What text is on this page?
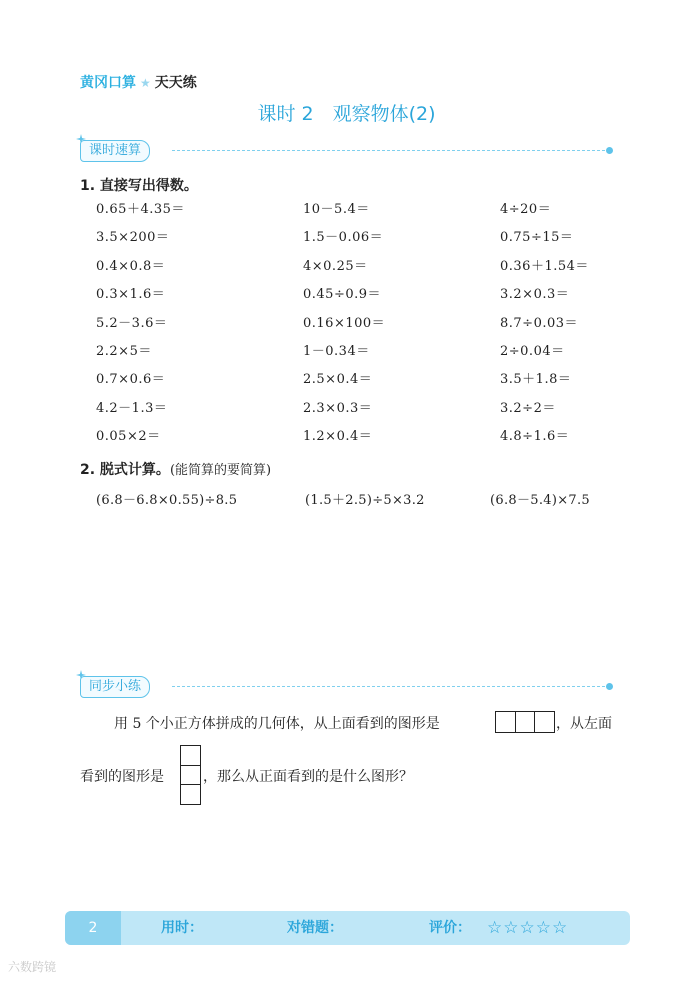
黄冈口算 ★ 天天练
课时 2　观察物体(2)
课时速算
1. 直接写出得数。
0.65＋4.35＝	10－5.4＝	4÷20＝
3.5×200＝	1.5－0.06＝	0.75÷15＝
0.4×0.8＝	4×0.25＝	0.36＋1.54＝
0.3×1.6＝	0.45÷0.9＝	3.2×0.3＝
5.2－3.6＝	0.16×100＝	8.7÷0.03＝
2.2×5＝	1－0.34＝	2÷0.04＝
0.7×0.6＝	2.5×0.4＝	3.5＋1.8＝
4.2－1.3＝	2.3×0.3＝	3.2÷2＝
0.05×2＝	1.2×0.4＝	4.8÷1.6＝
2. 脱式计算。(能简算的要简算)
(6.8－6.8×0.55)÷8.5	(1.5＋2.5)÷5×3.2	(6.8－5.4)×7.5
同步小练
用 5 个小正方体拼成的几何体，从上面看到的图形是	，从左面
看到的图形是	，那么从正面看到的是什么图形？
2	用时：	对错题：	评价： ☆☆☆☆☆
六数跨镜
